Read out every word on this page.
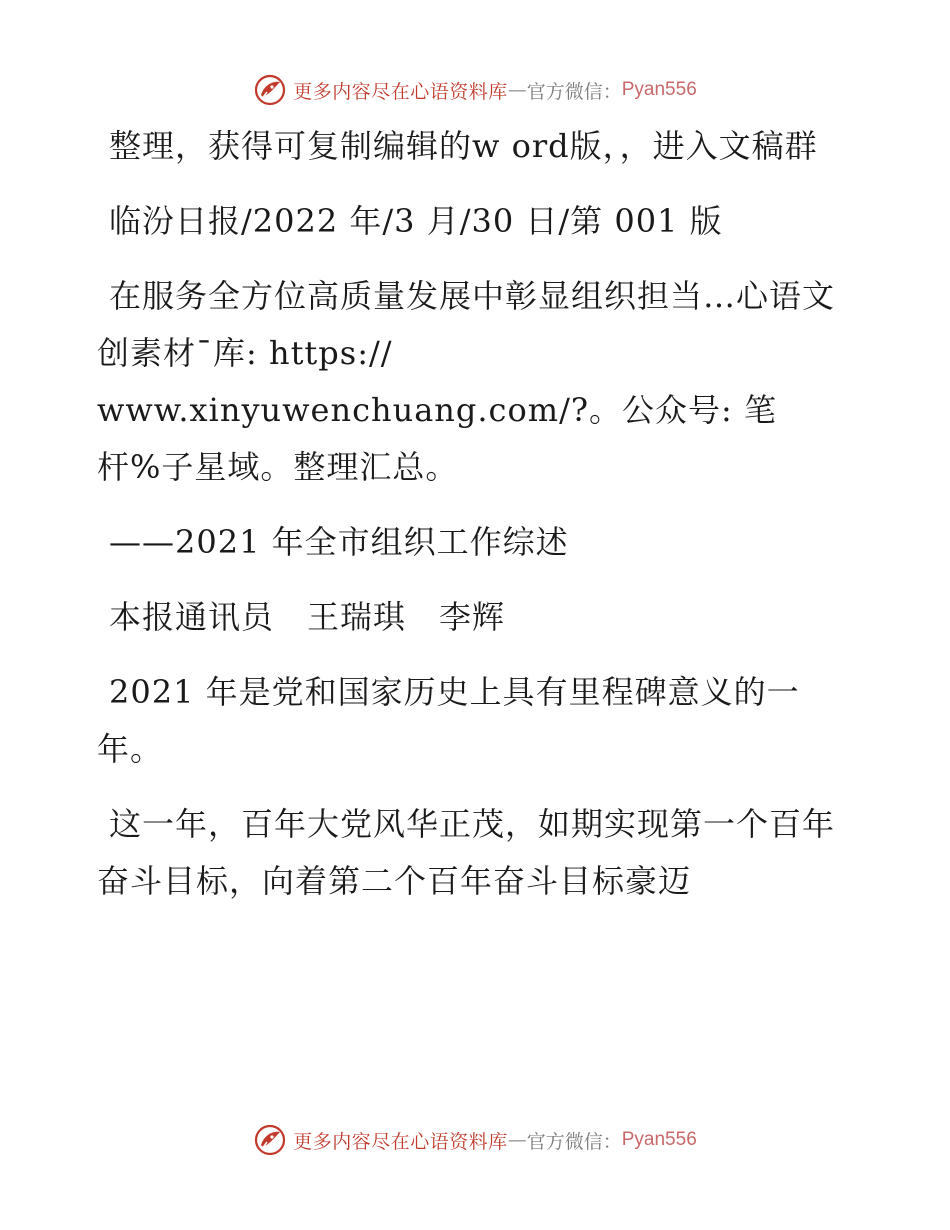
更多内容尽在心语资料库 — 官方微信： Pyan556

整理，获得可复制编辑的w ord版，，进入文稿群

临汾日报/2022 年/3 月/30 日/第 001 版

在服务全方位高质量发展中彰显组织担当…心语文创素材¯库: https://

www.xinyuwenchuang.com/?。公众号: 笔杆%子星域。整理汇总。

——2021 年全市组织工作综述

本报通讯员　王瑞琪　李辉

2021 年是党和国家历史上具有里程碑意义的一年。

这一年，百年大党风华正茂，如期实现第一个百年奋斗目标，向着第二个百年奋斗目标豪迈

更多内容尽在心语资料库 — 官方微信： Pyan556
